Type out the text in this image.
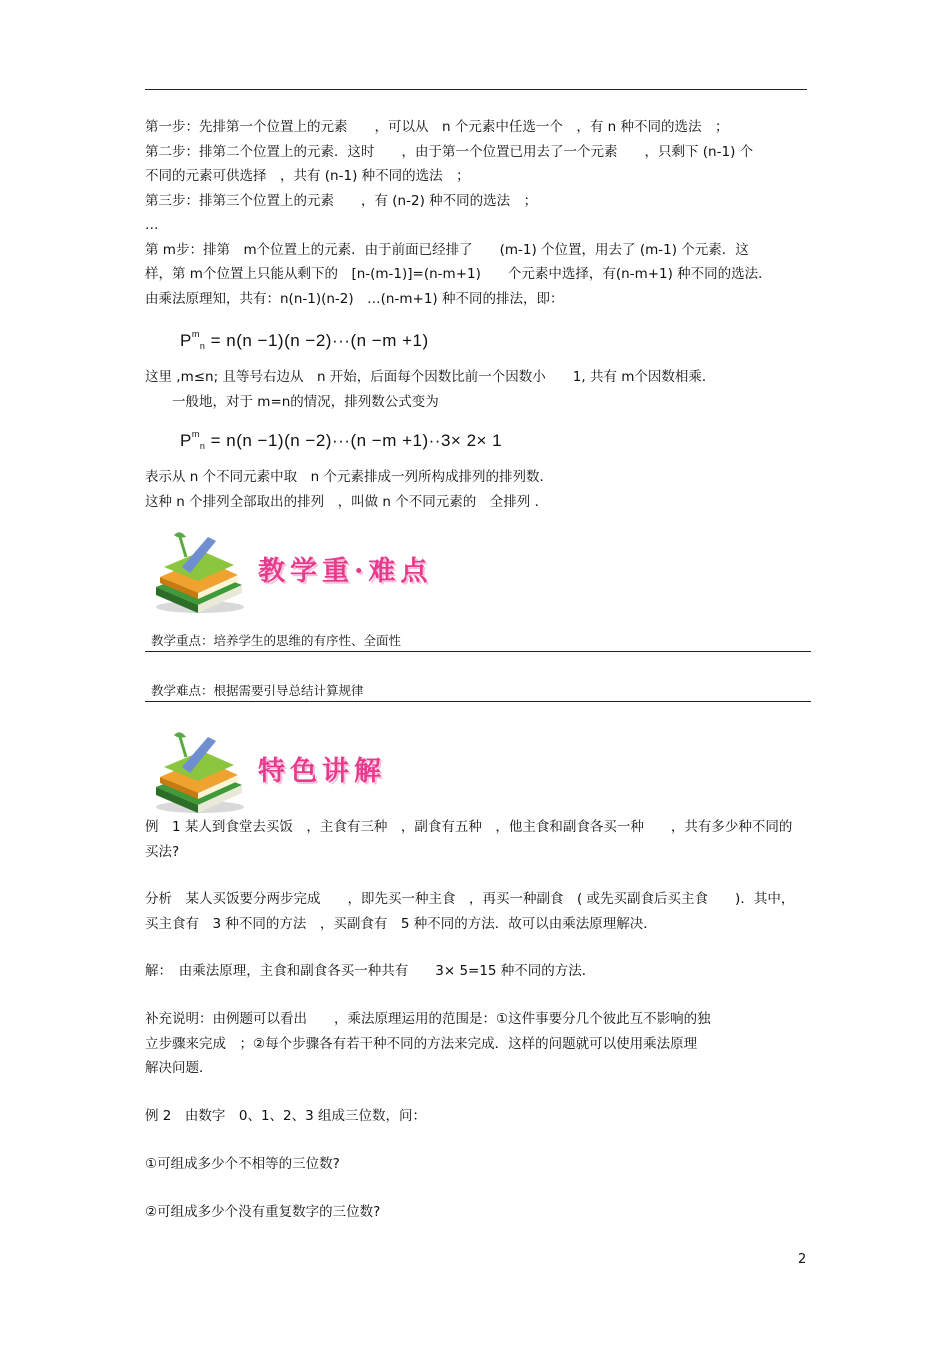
第一步：先排第一个位置上的元素　　，可以从　n 个元素中任选一个　，有 n 种不同的选法　；
第二步：排第二个位置上的元素．这时　　，由于第一个位置已用去了一个元素　　，只剩下 (n-1) 个
不同的元素可供选择　，共有 (n-1) 种不同的选法　；
第三步：排第三个位置上的元素　　，有 (n-2) 种不同的选法　；
…
第 m步：排第　m个位置上的元素．由于前面已经排了　　(m-1) 个位置，用去了 (m-1) 个元素．这
样，第 m个位置上只能从剩下的　[n-(m-1)]=(n-m+1)　　个元素中选择，有(n-m+1) 种不同的选法．
由乘法原理知，共有：n(n-1)(n-2)　…(n-m+1) 种不同的排法，即：
$P^m_n = n(n -1)(n -2)\cdot\cdot\cdot(n -m +1)$
这里 ,m≤n; 且等号右边从　n 开始，后面每个因数比前一个因数小　　1, 共有 m个因数相乘．
　　一般地，对于 m=n的情况，排列数公式变为
$P^m_n = n(n -1)(n -2)\cdot\cdot\cdot(n -m +1)\cdot\cdot 3\times 2\times 1$
表示从 n 个不同元素中取　n 个元素排成一列所构成排列的排列数．
这种 n 个排列全部取出的排列　，叫做 n 个不同元素的　全排列 ．
教学重·难点
教学重点：培养学生的思维的有序性、全面性
教学难点：根据需要引导总结计算规律
特色讲解
例　1 某人到食堂去买饭　，主食有三种　，副食有五种　，他主食和副食各买一种　　，共有多少种不同的
买法?
分析　某人买饭要分两步完成　　，即先买一种主食　，再买一种副食　( 或先买副食后买主食　　)．其中，
买主食有　3 种不同的方法　，买副食有　5 种不同的方法．故可以由乘法原理解决．
解：　由乘法原理，主食和副食各买一种共有　　3× 5=15 种不同的方法．
补充说明：由例题可以看出　　，乘法原理运用的范围是：①这件事要分几个彼此互不影响的独
立步骤来完成　；②每个步骤各有若干种不同的方法来完成．这样的问题就可以使用乘法原理
解决问题．
例 2　由数字　0、1、2、3 组成三位数，问：
①可组成多少个不相等的三位数?
②可组成多少个没有重复数字的三位数?
2
